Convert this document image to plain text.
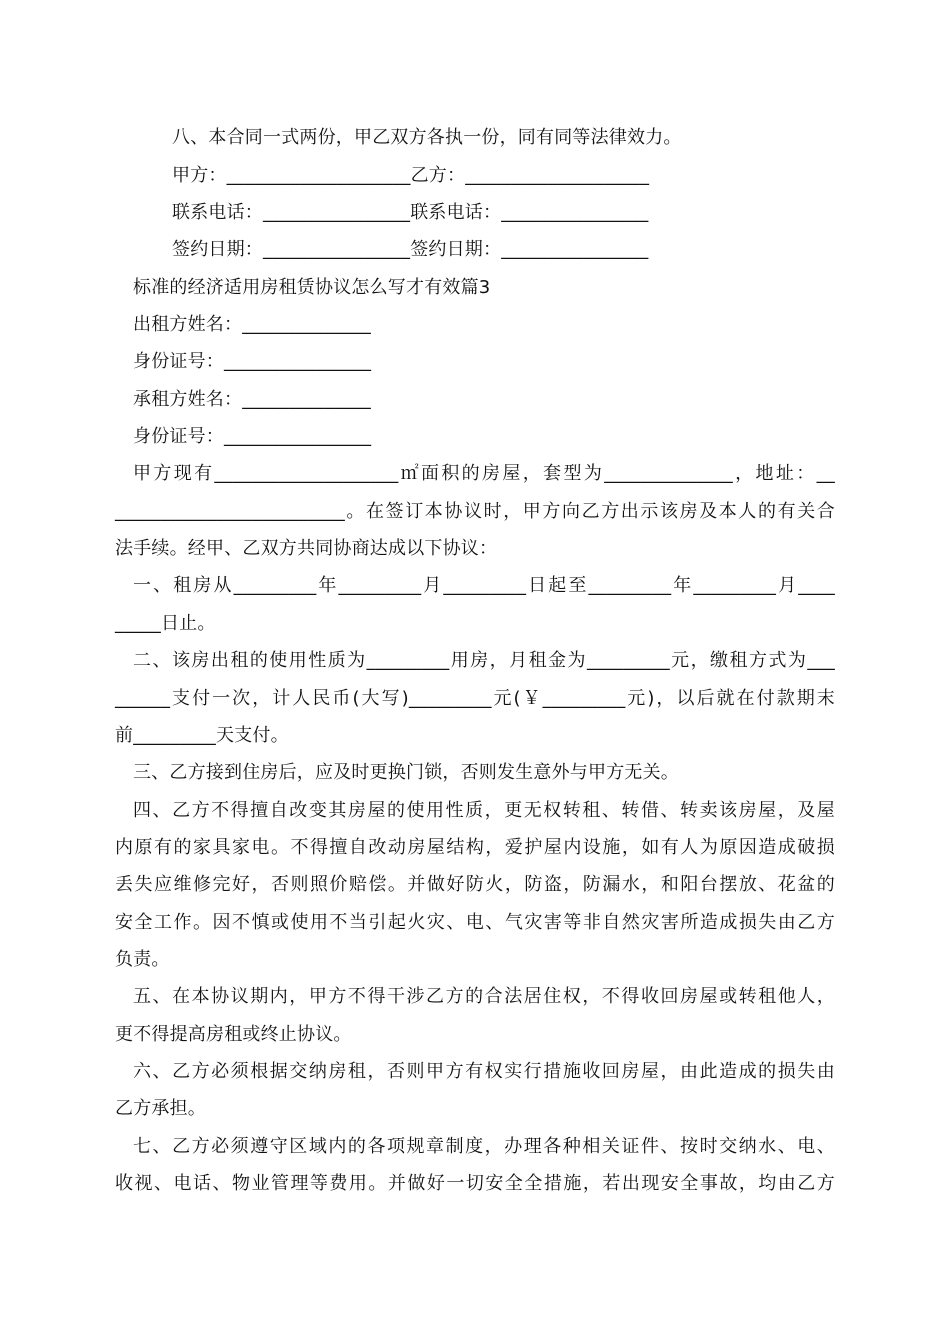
八、本合同一式两份，甲乙双方各执一份，同有同等法律效力。
甲方：____________________乙方：____________________
联系电话：________________联系电话：________________
签约日期：________________签约日期：________________
标准的经济适用房租赁协议怎么写才有效篇3
出租方姓名：______________
身份证号：________________
承租方姓名：______________
身份证号：________________
甲方现有____________________㎡面积的房屋，套型为______________，地址：__
_________________________。在签订本协议时，甲方向乙方出示该房及本人的有关合
法手续。经甲、乙双方共同协商达成以下协议：
一、租房从_________年_________月_________日起至_________年_________月____
_____日止。
二、该房出租的使用性质为_________用房，月租金为_________元，缴租方式为___
______支付一次，计人民币(大写)_________元(￥_________元)，以后就在付款期末
前_________天支付。
三、乙方接到住房后，应及时更换门锁，否则发生意外与甲方无关。
四、乙方不得擅自改变其房屋的使用性质，更无权转租、转借、转卖该房屋，及屋
内原有的家具家电。不得擅自改动房屋结构，爱护屋内设施，如有人为原因造成破损
丢失应维修完好，否则照价赔偿。并做好防火，防盗，防漏水，和阳台摆放、花盆的
安全工作。因不慎或使用不当引起火灾、电、气灾害等非自然灾害所造成损失由乙方
负责。
五、在本协议期内，甲方不得干涉乙方的合法居住权，不得收回房屋或转租他人，
更不得提高房租或终止协议。
六、乙方必须根据交纳房租，否则甲方有权实行措施收回房屋，由此造成的损失由
乙方承担。
七、乙方必须遵守区域内的各项规章制度，办理各种相关证件、按时交纳水、电、
收视、电话、物业管理等费用。并做好一切安全全措施，若出现安全事故，均由乙方
